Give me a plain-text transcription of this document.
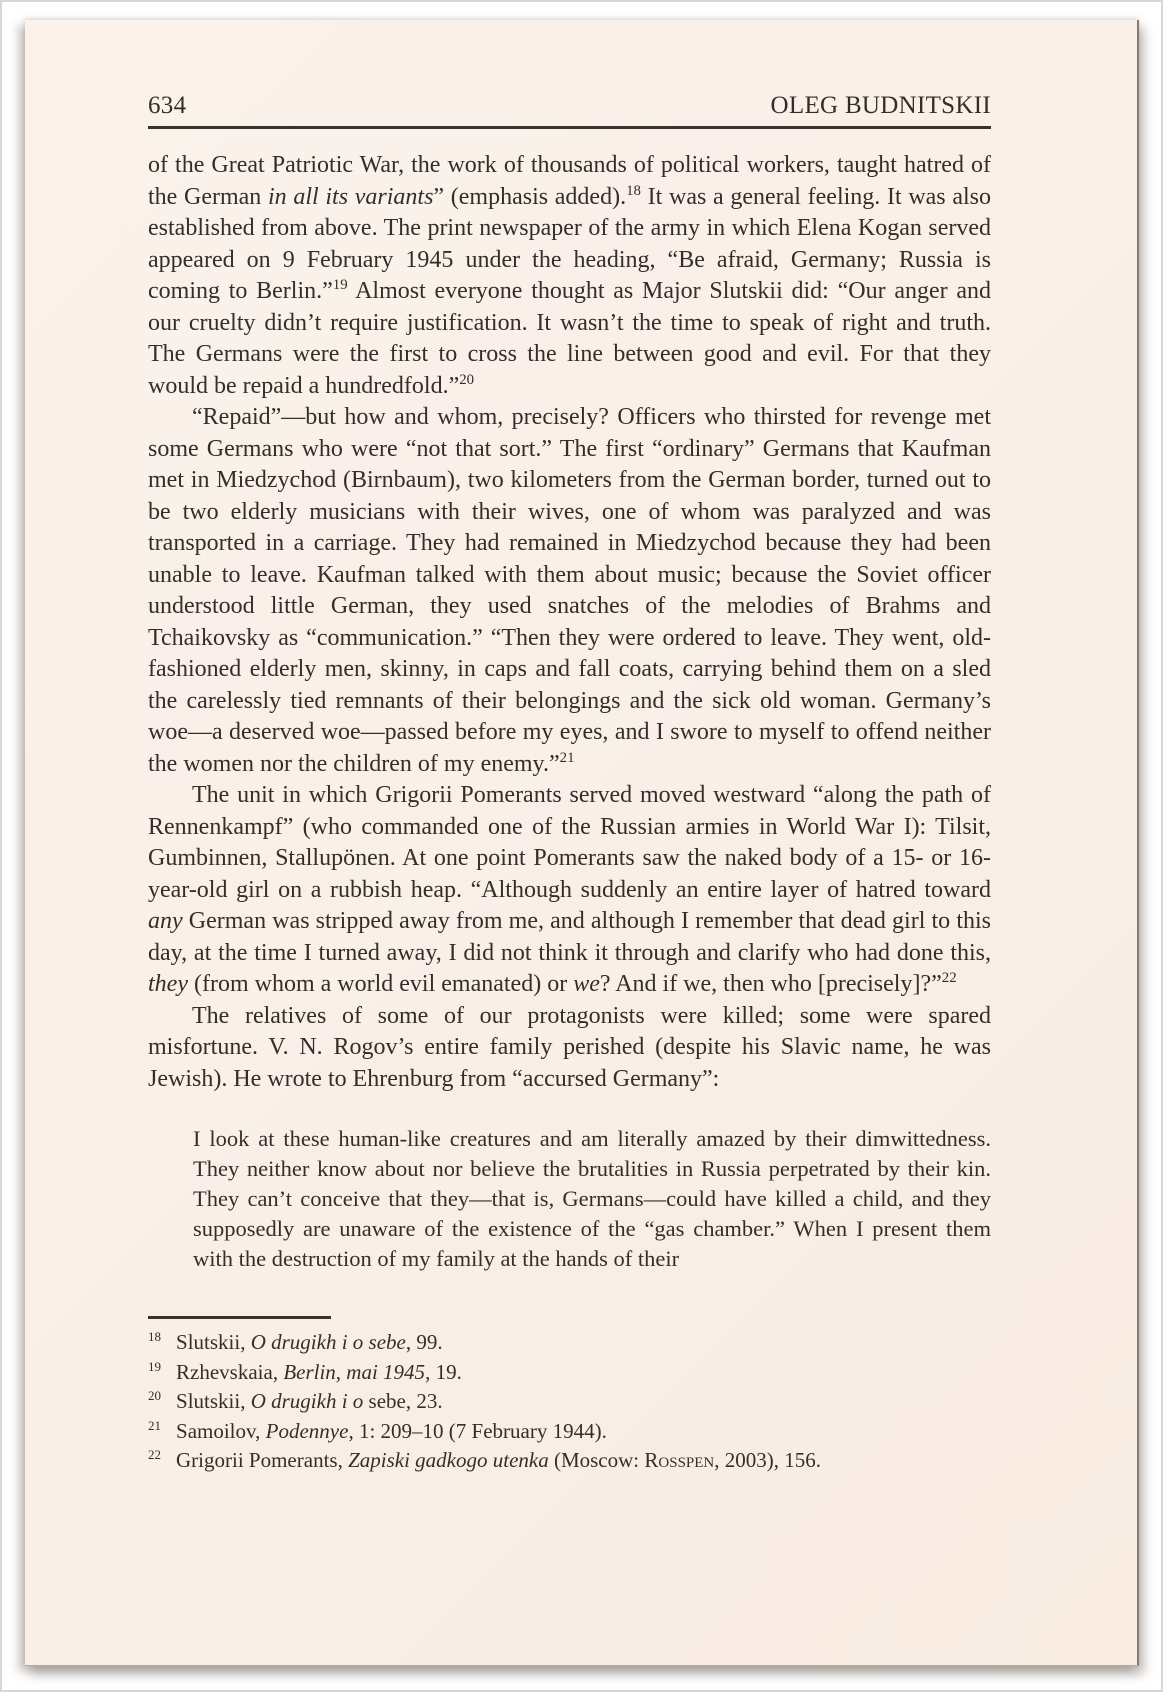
634	OLEG BUDNITSKII

of the Great Patriotic War, the work of thousands of political workers, taught hatred of the German in all its variants” (emphasis added).$^{18}$ It was a general feeling. It was also established from above. The print newspaper of the army in which Elena Kogan served appeared on 9 February 1945 under the heading, “Be afraid, Germany; Russia is coming to Berlin.”$^{19}$ Almost everyone thought as Major Slutskii did: “Our anger and our cruelty didn’t require justification. It wasn’t the time to speak of right and truth. The Germans were the first to cross the line between good and evil. For that they would be repaid a hundredfold.”$^{20}$

“Repaid”—but how and whom, precisely? Officers who thirsted for revenge met some Germans who were “not that sort.” The first “ordinary” Germans that Kaufman met in Miedzychod (Birnbaum), two kilometers from the German border, turned out to be two elderly musicians with their wives, one of whom was paralyzed and was transported in a carriage. They had remained in Miedzychod because they had been unable to leave. Kaufman talked with them about music; because the Soviet officer understood little German, they used snatches of the melodies of Brahms and Tchaikovsky as “communication.” “Then they were ordered to leave. They went, old-fashioned elderly men, skinny, in caps and fall coats, carrying behind them on a sled the carelessly tied remnants of their belongings and the sick old woman. Germany’s woe—a deserved woe—passed before my eyes, and I swore to myself to offend neither the women nor the children of my enemy.”$^{21}$

The unit in which Grigorii Pomerants served moved westward “along the path of Rennenkampf” (who commanded one of the Russian armies in World War I): Tilsit, Gumbinnen, Stallupönen. At one point Pomerants saw the naked body of a 15- or 16-year-old girl on a rubbish heap. “Although suddenly an entire layer of hatred toward any German was stripped away from me, and although I remember that dead girl to this day, at the time I turned away, I did not think it through and clarify who had done this, they (from whom a world evil emanated) or we? And if we, then who [precisely]?”$^{22}$

The relatives of some of our protagonists were killed; some were spared misfortune. V. N. Rogov’s entire family perished (despite his Slavic name, he was Jewish). He wrote to Ehrenburg from “accursed Germany”:

I look at these human-like creatures and am literally amazed by their dimwittedness. They neither know about nor believe the brutalities in Russia perpetrated by their kin. They can’t conceive that they—that is, Germans—could have killed a child, and they supposedly are unaware of the existence of the “gas chamber.” When I present them with the destruction of my family at the hands of their
$^{18}$ Slutskii, O drugikh i o sebe, 99.
$^{19}$ Rzhevskaia, Berlin, mai 1945, 19.
$^{20}$ Slutskii, O drugikh i o sebe, 23.
$^{21}$ Samoilov, Podennye, 1: 209–10 (7 February 1944).
$^{22}$ Grigorii Pomerants, Zapiski gadkogo utenka (Moscow: Rosspen, 2003), 156.
